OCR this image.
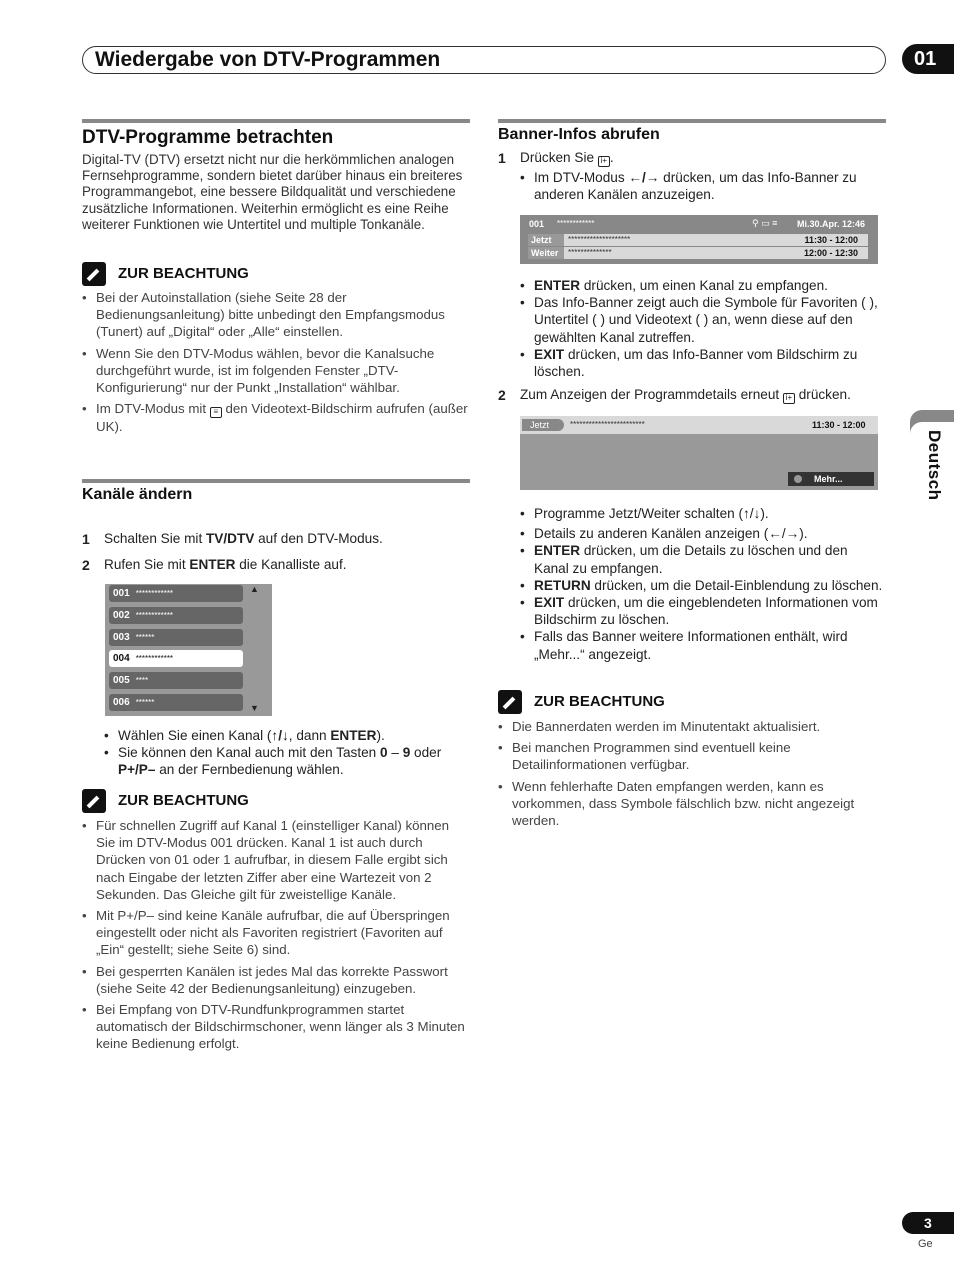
Wiedergabe von DTV-Programmen	01
Deutsch
DTV-Programme betrachten
Digital-TV (DTV) ersetzt nicht nur die herkömmlichen analogen Fernsehprogramme, sondern bietet darüber hinaus ein breiteres Programmangebot, eine bessere Bildqualität und verschiedene zusätzliche Informationen. Weiterhin ermöglicht es eine Reihe weiterer Funktionen wie Untertitel und multiple Tonkanäle.
ZUR BEACHTUNG
• Bei der Autoinstallation (siehe Seite 28 der Bedienungsanleitung) bitte unbedingt den Empfangsmodus (Tunert) auf „Digital“ oder „Alle“ einstellen.
• Wenn Sie den DTV-Modus wählen, bevor die Kanalsuche durchgeführt wurde, ist im folgenden Fenster „DTV-Konfigurierung“ nur der Punkt „Installation“ wählbar.
• Im DTV-Modus mit ≡ den Videotext-Bildschirm aufrufen (außer UK).
Kanäle ändern
1 Schalten Sie mit TV/DTV auf den DTV-Modus.
2 Rufen Sie mit ENTER die Kanalliste auf.
001 ************
002 ************
003 ******
004 ************
005 ****
006 ******
▲
▼
• Wählen Sie einen Kanal (↑/↓, dann ENTER).
• Sie können den Kanal auch mit den Tasten 0 – 9 oder
P+/P– an der Fernbedienung wählen.
ZUR BEACHTUNG
• Für schnellen Zugriff auf Kanal 1 (einstelliger Kanal) können Sie im DTV-Modus 001 drücken. Kanal 1 ist auch durch Drücken von 01 oder 1 aufrufbar, in diesem Falle ergibt sich nach Eingabe der letzten Ziffer aber eine Wartezeit von 2 Sekunden. Das Gleiche gilt für zweistellige Kanäle.
• Mit P+/P– sind keine Kanäle aufrufbar, die auf Überspringen eingestellt oder nicht als Favoriten registriert (Favoriten auf „Ein“ gestellt; siehe Seite 6) sind.
• Bei gesperrten Kanälen ist jedes Mal das korrekte Passwort (siehe Seite 42 der Bedienungsanleitung) einzugeben.
• Bei Empfang von DTV-Rundfunkprogrammen startet automatisch der Bildschirmschoner, wenn länger als 3 Minuten keine Bedienung erfolgt.
Banner-Infos abrufen
1 Drücken Sie i+ .
• Im DTV-Modus ←/→ drücken, um das Info-Banner zu anderen Kanälen anzuzeigen.
001 ************	⚲ ▭ ≡ Mi.30.Apr. 12:46
Jetzt	********************	11:30 - 12:00
Weiter	**************	12:00 - 12:30
• ENTER drücken, um einen Kanal zu empfangen.
• Das Info-Banner zeigt auch die Symbole für Favoriten ( ), Untertitel ( ) und Videotext ( ) an, wenn diese auf den gewählten Kanal zutreffen.
• EXIT drücken, um das Info-Banner vom Bildschirm zu löschen.
2 Zum Anzeigen der Programmdetails erneut i+ drücken.
Jetzt	************************	11:30 - 12:00
Mehr...
• Programme Jetzt/Weiter schalten (↑/↓).
• Details zu anderen Kanälen anzeigen (←/→).
• ENTER drücken, um die Details zu löschen und den Kanal zu empfangen.
• RETURN drücken, um die Detail-Einblendung zu löschen.
• EXIT drücken, um die eingeblendeten Informationen vom Bildschirm zu löschen.
• Falls das Banner weitere Informationen enthält, wird „Mehr...“ angezeigt.
ZUR BEACHTUNG
• Die Bannerdaten werden im Minutentakt aktualisiert.
• Bei manchen Programmen sind eventuell keine Detailinformationen verfügbar.
• Wenn fehlerhafte Daten empfangen werden, kann es vorkommen, dass Symbole fälschlich bzw. nicht angezeigt werden.
3
Ge
